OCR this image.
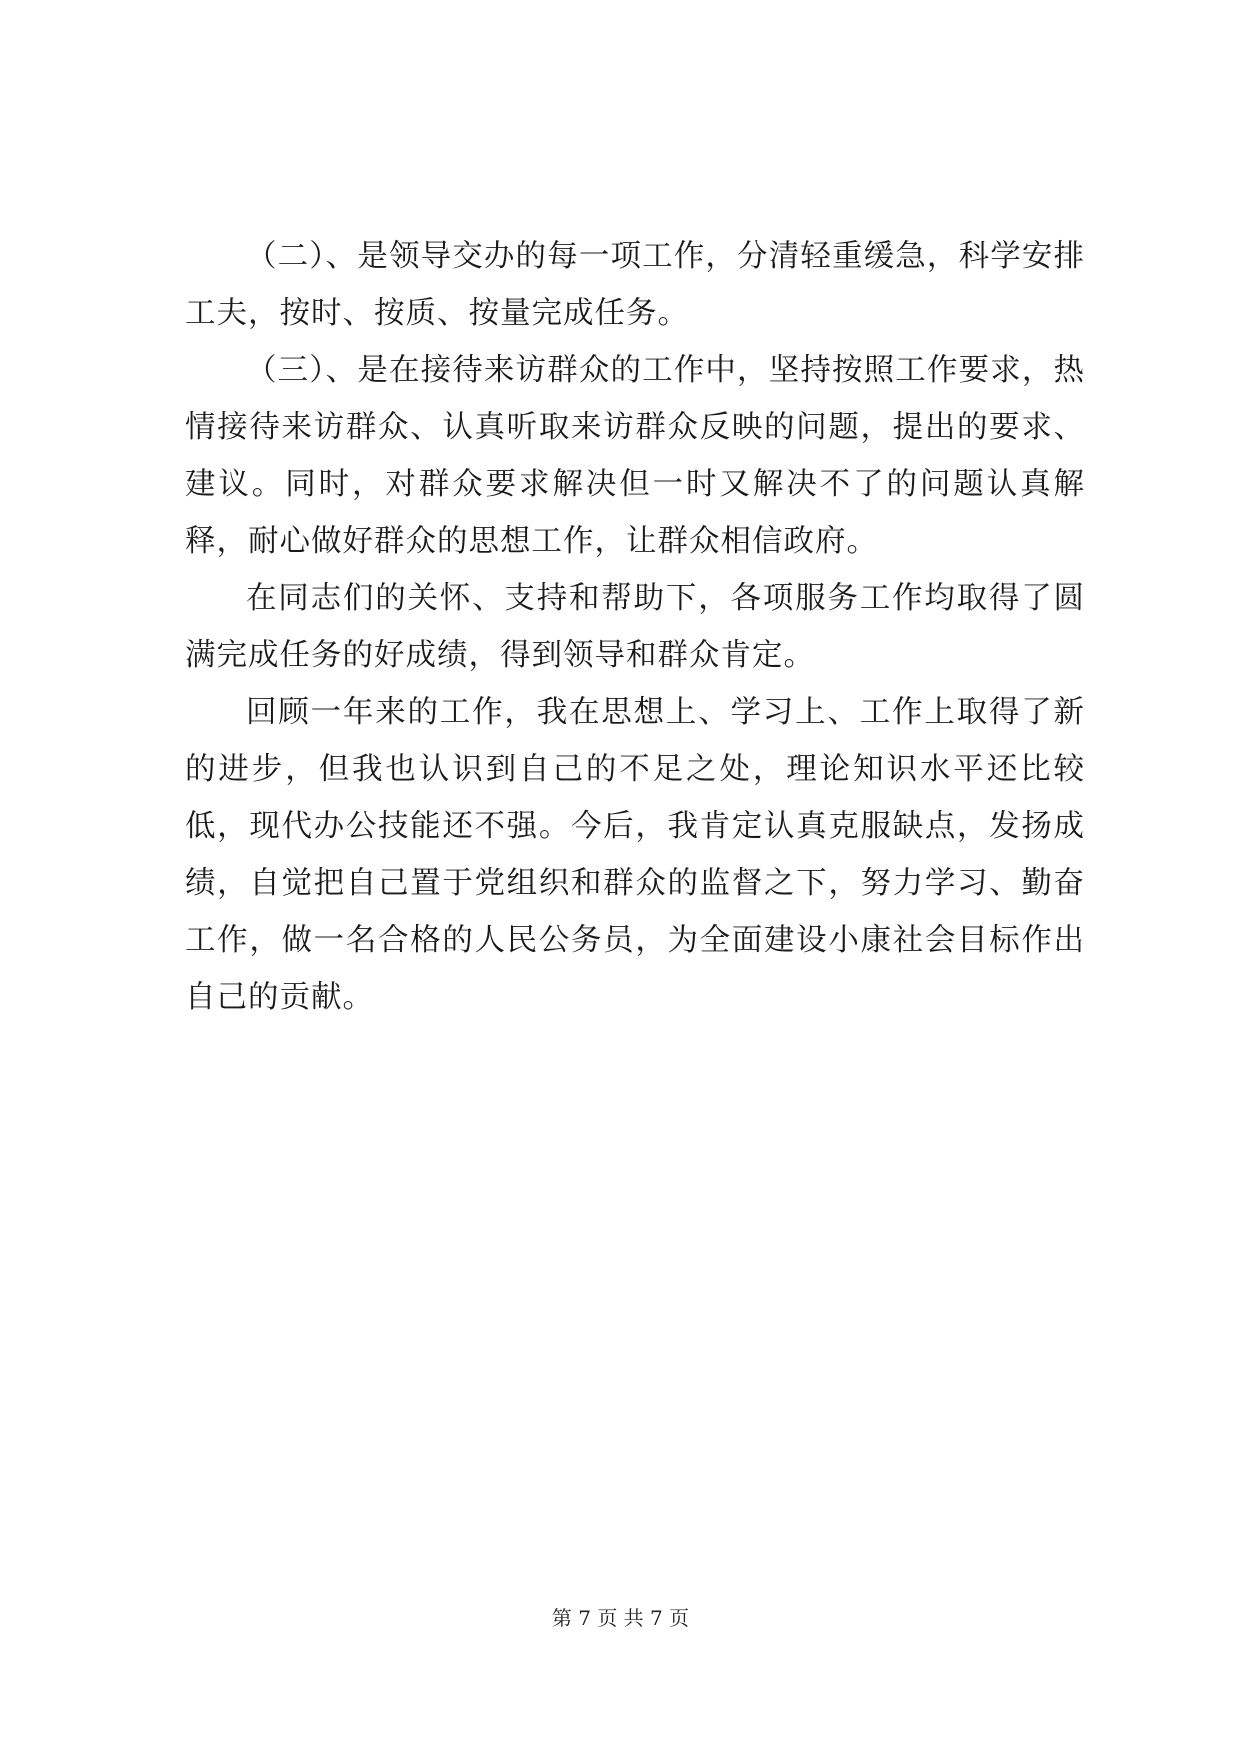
（二）、是领导交办的每一项工作，分清轻重缓急，科学安排工夫，按时、按质、按量完成任务。

（三）、是在接待来访群众的工作中，坚持按照工作要求，热情接待来访群众、认真听取来访群众反映的问题，提出的要求、建议。同时，对群众要求解决但一时又解决不了的问题认真解释，耐心做好群众的思想工作，让群众相信政府。

在同志们的关怀、支持和帮助下，各项服务工作均取得了圆满完成任务的好成绩，得到领导和群众肯定。

回顾一年来的工作，我在思想上、学习上、工作上取得了新的进步，但我也认识到自己的不足之处，理论知识水平还比较低，现代办公技能还不强。今后，我肯定认真克服缺点，发扬成绩，自觉把自己置于党组织和群众的监督之下，努力学习、勤奋工作，做一名合格的人民公务员，为全面建设小康社会目标作出自己的贡献。

第 7 页 共 7 页
